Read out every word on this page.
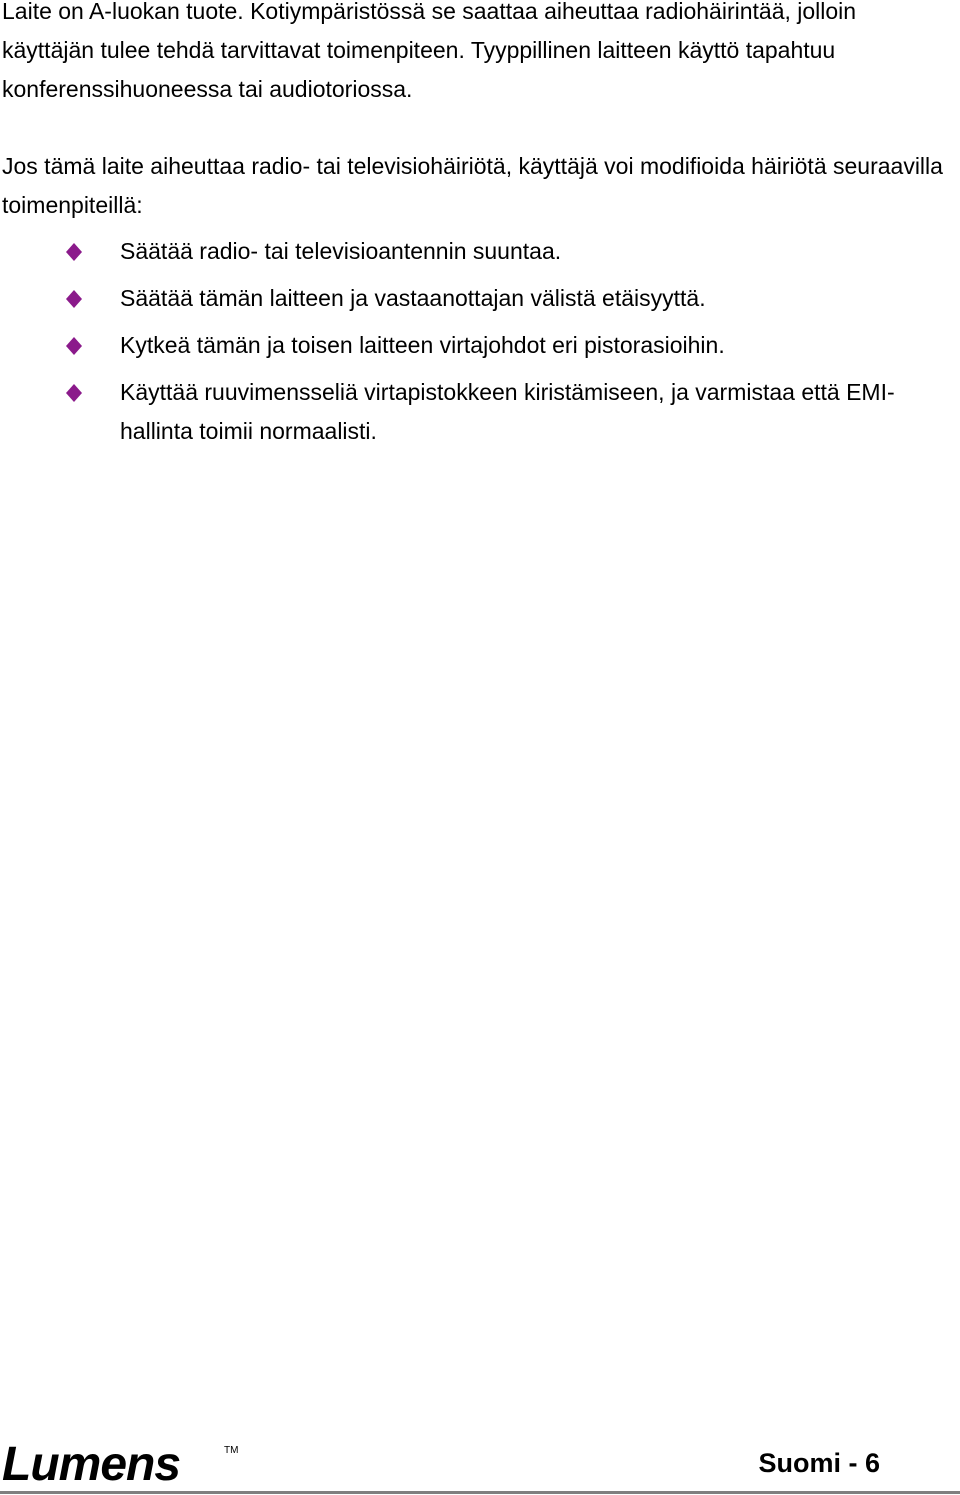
Laite on A-luokan tuote. Kotiympäristössä se saattaa aiheuttaa radiohäirintää, jolloin käyttäjän tulee tehdä tarvittavat toimenpiteen. Tyyppillinen laitteen käyttö tapahtuu konferenssihuoneessa tai audiotoriossa.

Jos tämä laite aiheuttaa radio- tai televisiohäiriötä, käyttäjä voi modifioida häiriötä seuraavilla toimenpiteillä:

Säätää radio- tai televisioantennin suuntaa.
Säätää tämän laitteen ja vastaanottajan välistä etäisyyttä.
Kytkeä tämän ja toisen laitteen virtajohdot eri pistorasioihin.
Käyttää ruuvimensseliä virtapistokkeen kiristämiseen, ja varmistaa että EMI-hallinta toimii normaalisti.
Lumens	TM	Suomi - 6
